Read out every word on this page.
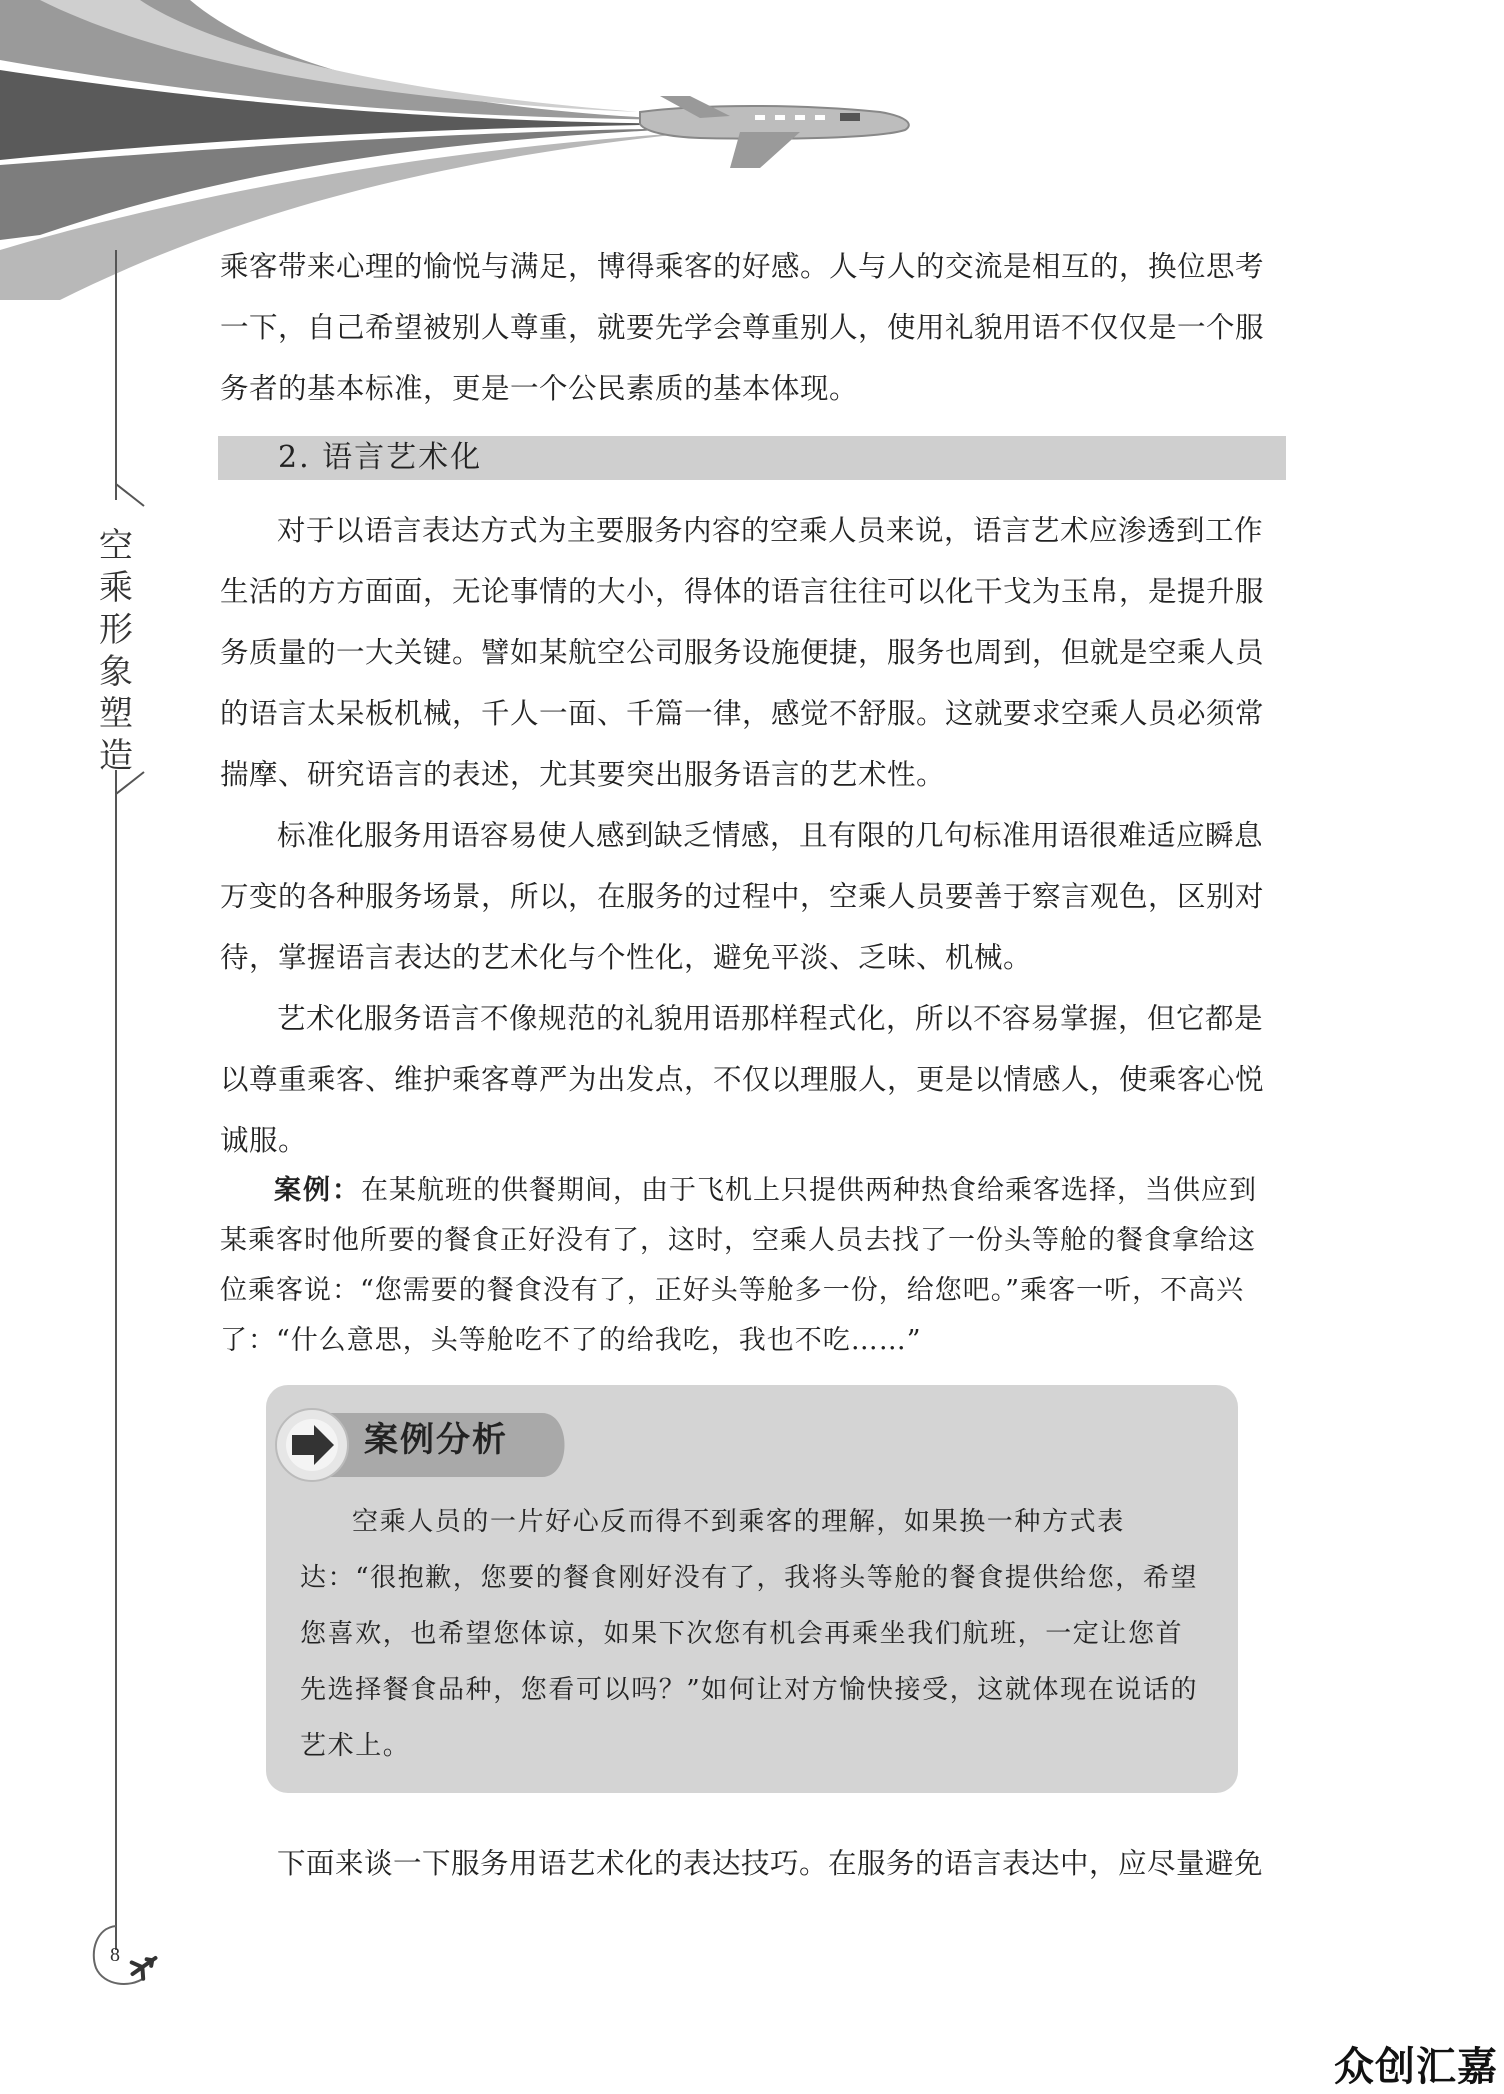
空乘形象塑造

乘客带来心理的愉悦与满足，博得乘客的好感。人与人的交流是相互的，换位思考一下，自己希望被别人尊重，就要先学会尊重别人，使用礼貌用语不仅仅是一个服务者的基本标准，更是一个公民素质的基本体现。

2. 语言艺术化

对于以语言表达方式为主要服务内容的空乘人员来说，语言艺术应渗透到工作生活的方方面面，无论事情的大小，得体的语言往往可以化干戈为玉帛，是提升服务质量的一大关键。譬如某航空公司服务设施便捷，服务也周到，但就是空乘人员的语言太呆板机械，千人一面、千篇一律，感觉不舒服。这就要求空乘人员必须常揣摩、研究语言的表述，尤其要突出服务语言的艺术性。

标准化服务用语容易使人感到缺乏情感，且有限的几句标准用语很难适应瞬息万变的各种服务场景，所以，在服务的过程中，空乘人员要善于察言观色，区别对待，掌握语言表达的艺术化与个性化，避免平淡、乏味、机械。

艺术化服务语言不像规范的礼貌用语那样程式化，所以不容易掌握，但它都是以尊重乘客、维护乘客尊严为出发点，不仅以理服人，更是以情感人，使乘客心悦诚服。

案例：在某航班的供餐期间，由于飞机上只提供两种热食给乘客选择，当供应到某乘客时他所要的餐食正好没有了，这时，空乘人员去找了一份头等舱的餐食拿给这位乘客说：“您需要的餐食没有了，正好头等舱多一份，给您吧。”乘客一听，不高兴了：“什么意思，头等舱吃不了的给我吃，我也不吃……”

案例分析

空乘人员的一片好心反而得不到乘客的理解，如果换一种方式表达：“很抱歉，您要的餐食刚好没有了，我将头等舱的餐食提供给您，希望您喜欢，也希望您体谅，如果下次您有机会再乘坐我们航班，一定让您首先选择餐食品种，您看可以吗？”如何让对方愉快接受，这就体现在说话的艺术上。

下面来谈一下服务用语艺术化的表达技巧。在服务的语言表达中，应尽量避免

8
众创汇嘉
